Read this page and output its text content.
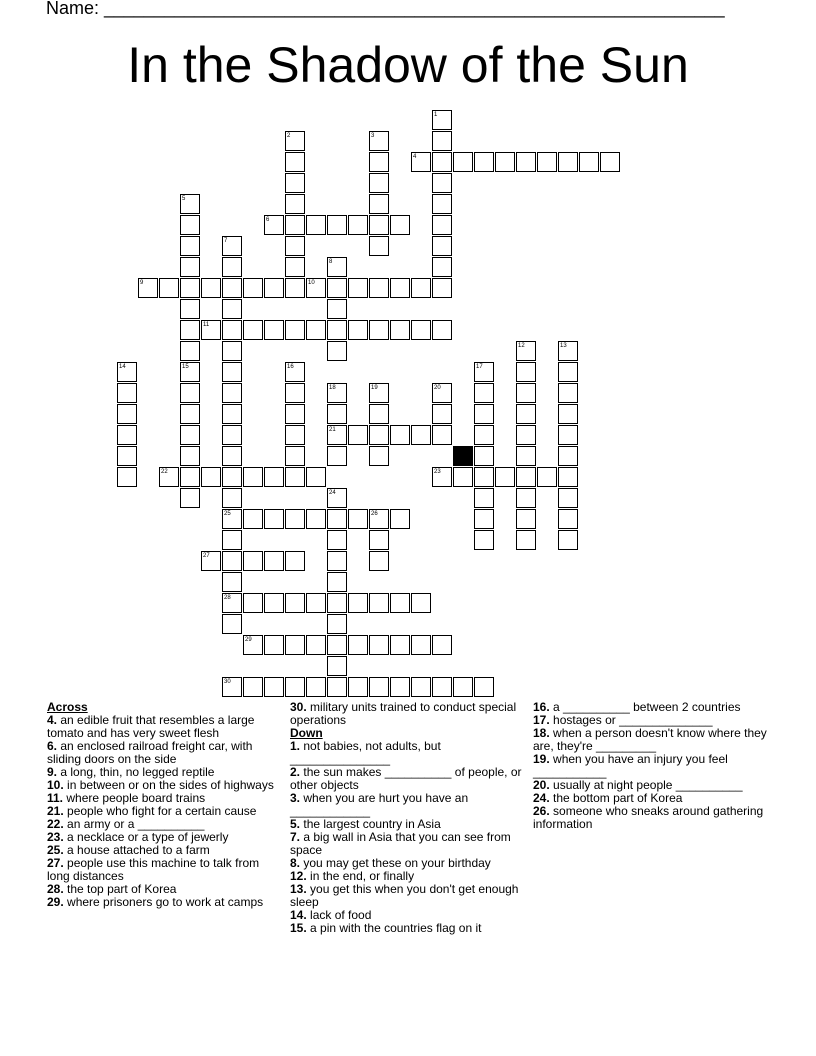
Name: ______________________________________________________________
In the Shadow of the Sun
1
2	3
4
5
6
7
8
9	10
11
12	13
14	15	16	17
18	19	20
21
22	23
24
25	26
27
28
29
30
Across
4. an edible fruit that resembles a large tomato and has very sweet flesh
6. an enclosed railroad freight car, with sliding doors on the side
9. a long, thin, no legged reptile
10. in between or on the sides of highways
11. where people board trains
21. people who fight for a certain cause
22. an army or a __________
23. a necklace or a type of jewerly
25. a house attached to a farm
27. people use this machine to talk from long distances
28. the top part of Korea
29. where prisoners go to work at camps
30. military units trained to conduct special operations
Down
1. not babies, not adults, but _______________
2. the sun makes __________ of people, or other objects
3. when you are hurt you have an ____________
5. the largest country in Asia
7. a big wall in Asia that you can see from space
8. you may get these on your birthday
12. in the end, or finally
13. you get this when you don't get enough sleep
14. lack of food
15. a pin with the countries flag on it
16. a __________ between 2 countries
17. hostages or ______________
18. when a person doesn't know where they are, they're _________
19. when you have an injury you feel ___________
20. usually at night people __________
24. the bottom part of Korea
26. someone who sneaks around gathering information
